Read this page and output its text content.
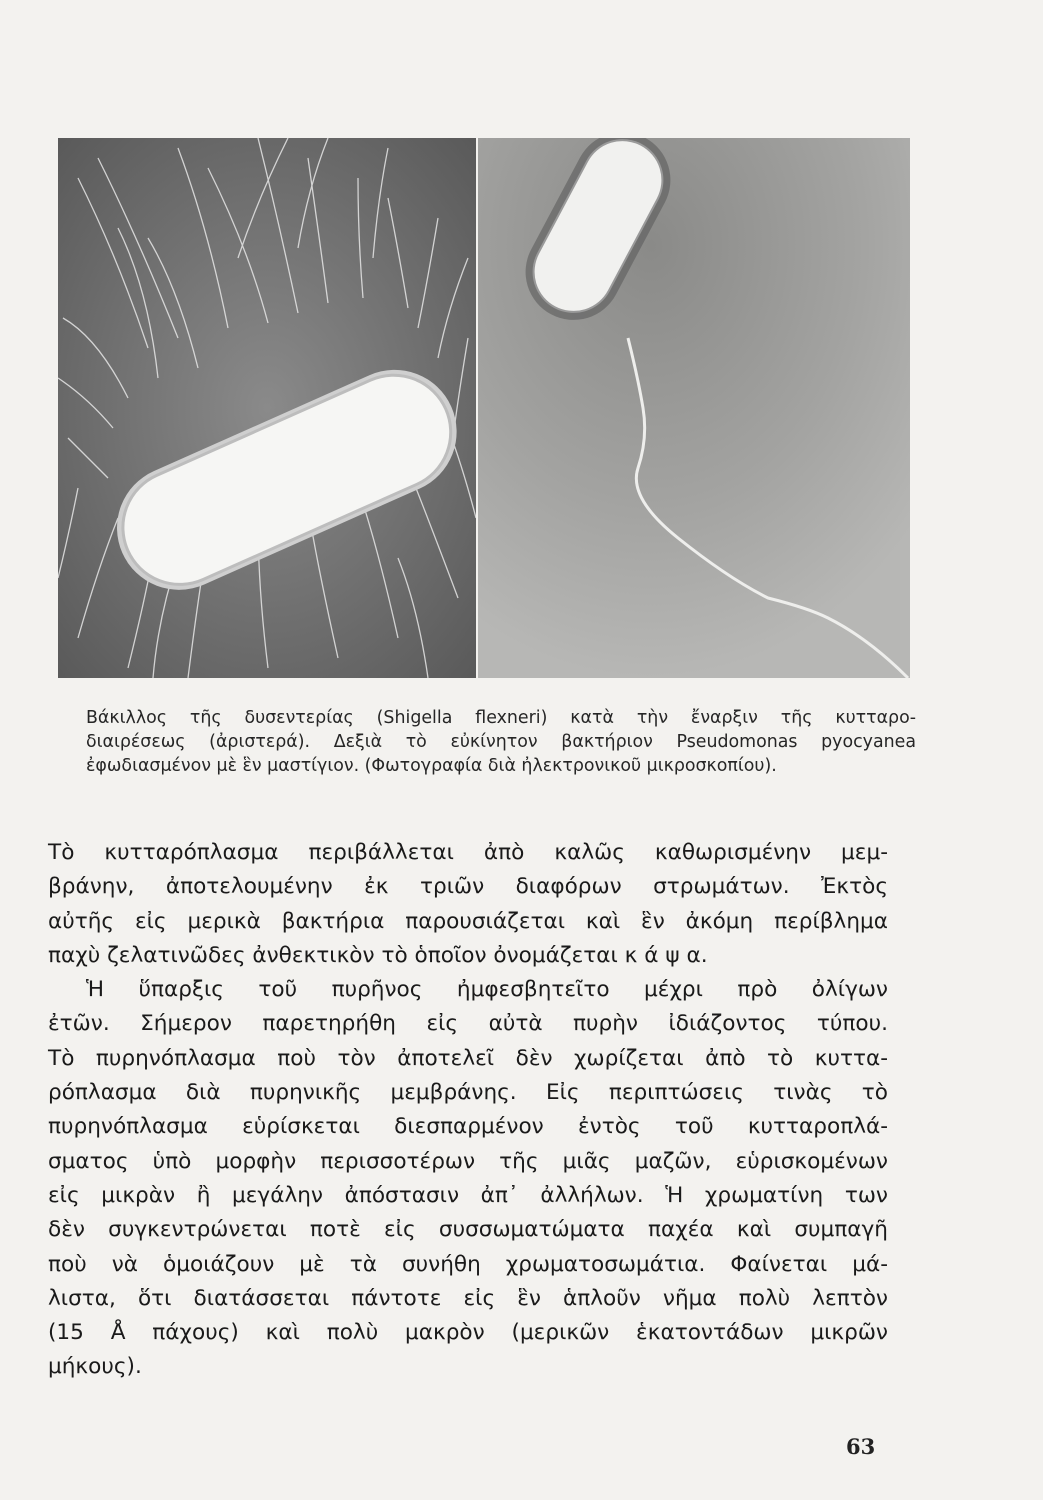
Βάκιλλος τῆς δυσεντερίας (Shigella flexneri) κατὰ τὴν ἔναρξιν τῆς κυτταρο-

διαιρέσεως (ἀριστερά). Δεξιὰ τὸ εὐκίνητον βακτήριον Pseudomonas pyocyanea

ἐφωδιασμένον μὲ ἓν μαστίγιον. (Φωτογραφία διὰ ἠλεκτρονικοῦ μικροσκοπίου).

Τὸ κυτταρόπλασμα περιβάλλεται ἀπὸ καλῶς καθωρισμένην μεμ-
βράνην, ἀποτελουμένην ἐκ τριῶν διαφόρων στρωμάτων. Ἐκτὸς
αὐτῆς εἰς μερικὰ βακτήρια παρουσιάζεται καὶ ἓν ἀκόμη περίβλημα
παχὺ ζελατινῶδες ἀνθεκτικὸν τὸ ὁποῖον ὀνομάζεται κ ά ψ α.
Ἡ ὕπαρξις τοῦ πυρῆνος ἠμφεσβητεῖτο μέχρι πρὸ ὀλίγων
ἐτῶν. Σήμερον παρετηρήθη εἰς αὐτὰ πυρὴν ἰδιάζοντος τύπου.
Τὸ πυρηνόπλασμα ποὺ τὸν ἀποτελεῖ δὲν χωρίζεται ἀπὸ τὸ κυττα-
ρόπλασμα διὰ πυρηνικῆς μεμβράνης. Εἰς περιπτώσεις τινὰς τὸ
πυρηνόπλασμα εὑρίσκεται διεσπαρμένον ἐντὸς τοῦ κυτταροπλά-
σματος ὑπὸ μορφὴν περισσοτέρων τῆς μιᾶς μαζῶν, εὑρισκομένων
εἰς μικρὰν ἢ μεγάλην ἀπόστασιν ἀπ᾽ ἀλλήλων. Ἡ χρωματίνη των
δὲν συγκεντρώνεται ποτὲ εἰς συσσωματώματα παχέα καὶ συμπαγῆ
ποὺ νὰ ὁμοιάζουν μὲ τὰ συνήθη χρωματοσωμάτια. Φαίνεται μά-
λιστα, ὅτι διατάσσεται πάντοτε εἰς ἓν ἁπλοῦν νῆμα πολὺ λεπτὸν
(15 Å πάχους) καὶ πολὺ μακρὸν (μερικῶν ἑκατοντάδων μικρῶν
μήκους).
63
